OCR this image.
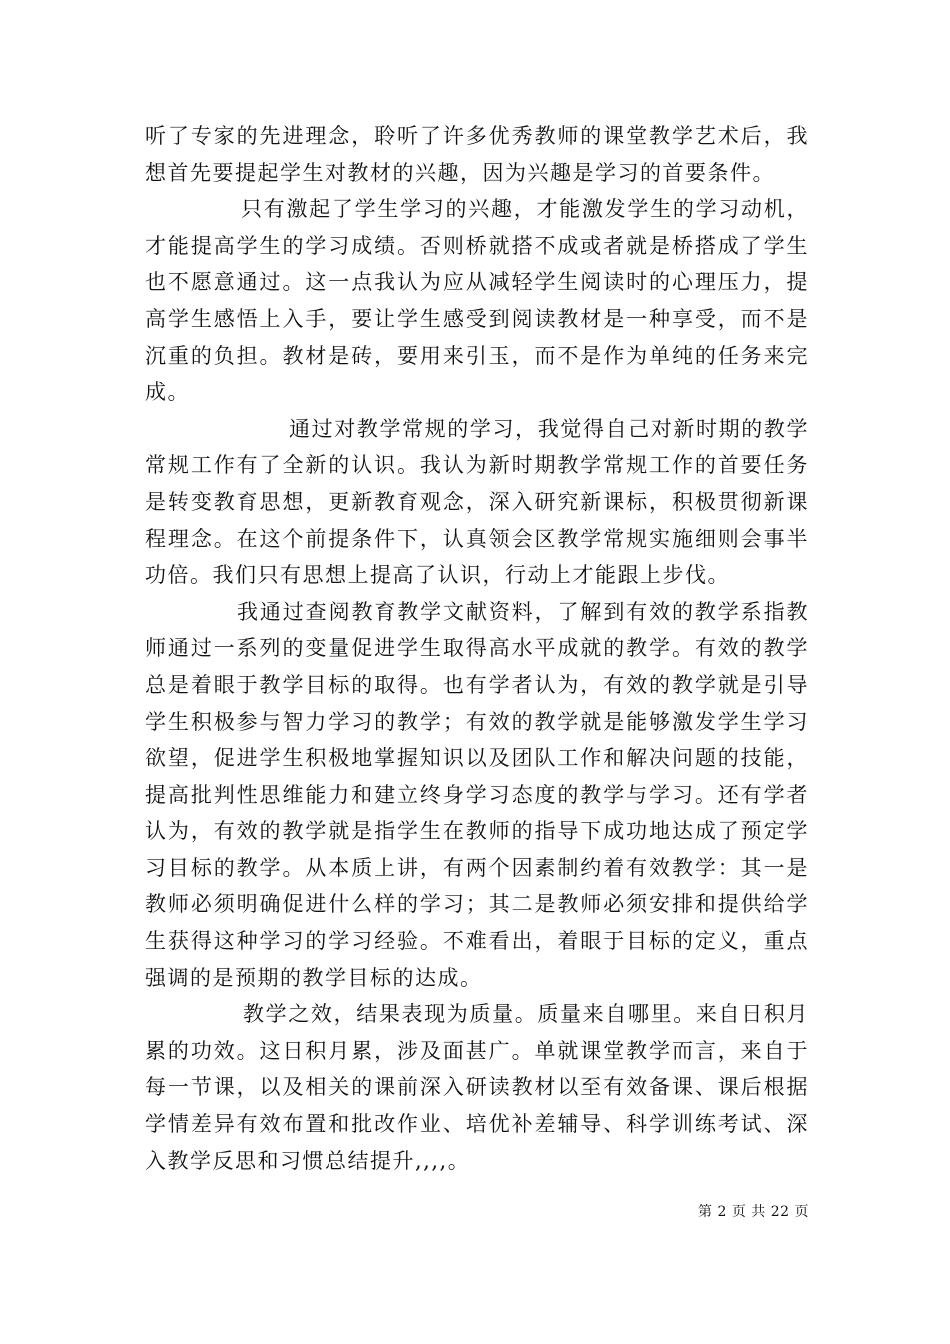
听了专家的先进理念，聆听了许多优秀教师的课堂教学艺术后，我想首先要提起学生对教材的兴趣，因为兴趣是学习的首要条件。

只有激起了学生学习的兴趣，才能激发学生的学习动机，才能提高学生的学习成绩。否则桥就搭不成或者就是桥搭成了学生也不愿意通过。这一点我认为应从减轻学生阅读时的心理压力，提高学生感悟上入手，要让学生感受到阅读教材是一种享受，而不是沉重的负担。教材是砖，要用来引玉，而不是作为单纯的任务来完成。

通过对教学常规的学习，我觉得自己对新时期的教学常规工作有了全新的认识。我认为新时期教学常规工作的首要任务是转变教育思想，更新教育观念，深入研究新课标，积极贯彻新课程理念。在这个前提条件下，认真领会区教学常规实施细则会事半功倍。我们只有思想上提高了认识，行动上才能跟上步伐。

我通过查阅教育教学文献资料，了解到有效的教学系指教师通过一系列的变量促进学生取得高水平成就的教学。有效的教学总是着眼于教学目标的取得。也有学者认为，有效的教学就是引导学生积极参与智力学习的教学；有效的教学就是能够激发学生学习欲望，促进学生积极地掌握知识以及团队工作和解决问题的技能，提高批判性思维能力和建立终身学习态度的教学与学习。还有学者认为，有效的教学就是指学生在教师的指导下成功地达成了预定学习目标的教学。从本质上讲，有两个因素制约着有效教学：其一是教师必须明确促进什么样的学习；其二是教师必须安排和提供给学生获得这种学习的学习经验。不难看出，着眼于目标的定义，重点强调的是预期的教学目标的达成。

教学之效，结果表现为质量。质量来自哪里。来自日积月累的功效。这日积月累，涉及面甚广。单就课堂教学而言，来自于每一节课，以及相关的课前深入研读教材以至有效备课、课后根据学情差异有效布置和批改作业、培优补差辅导、科学训练考试、深入教学反思和习惯总结提升,,,,。

第 2 页 共 22 页
